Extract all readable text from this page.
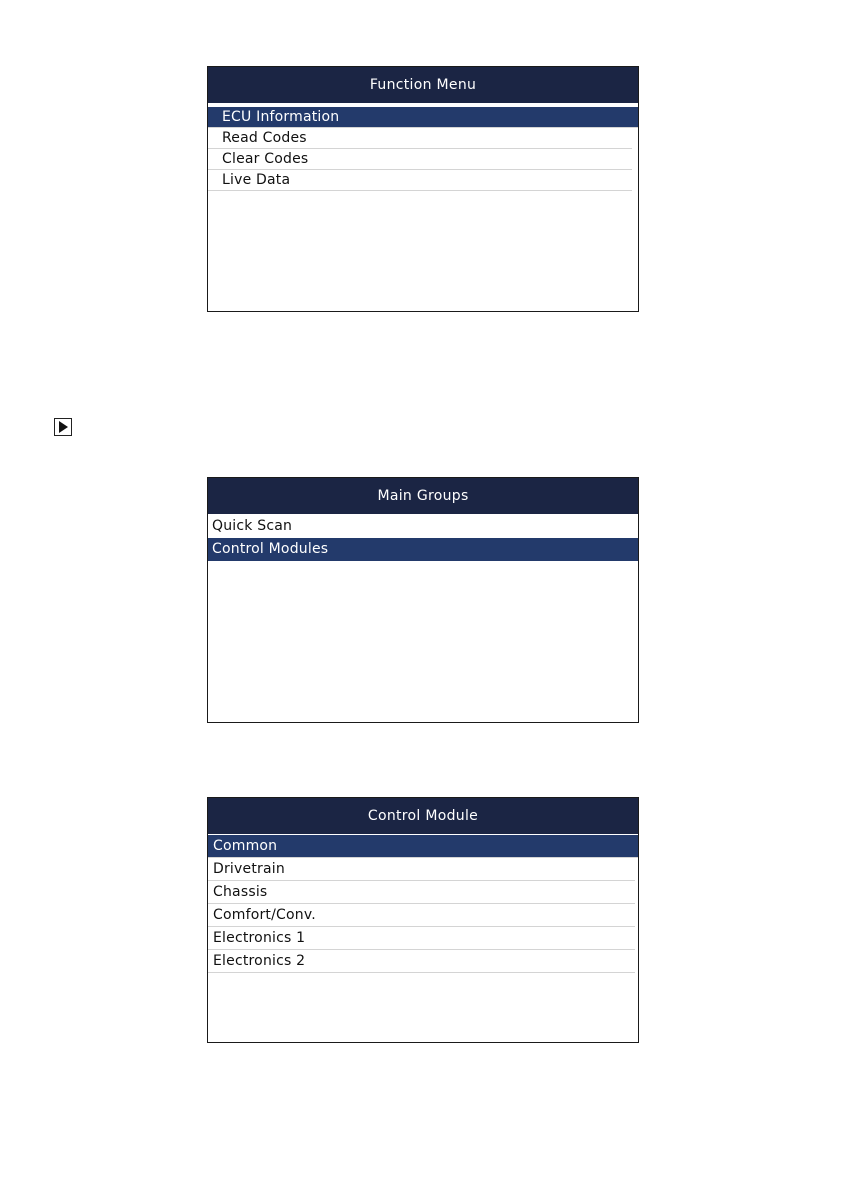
Function Menu
ECU Information
Read Codes
Clear Codes
Live Data
Main Groups
Quick Scan
Control Modules
Control Module
Common
Drivetrain
Chassis
Comfort/Conv.
Electronics 1
Electronics 2
